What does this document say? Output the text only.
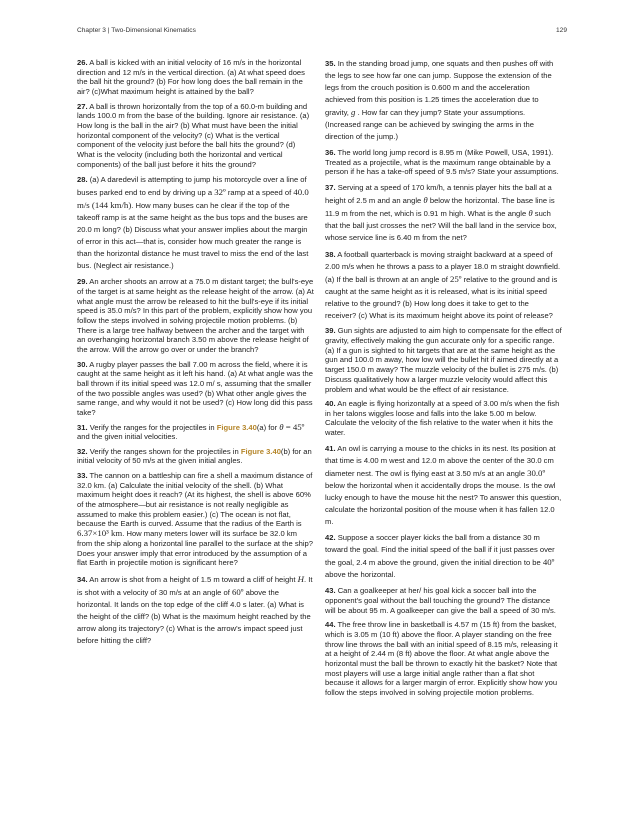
Chapter 3 | Two-Dimensional Kinematics	129

26. A ball is kicked with an initial velocity of 16 m/s in the horizontal direction and 12 m/s in the vertical direction. (a) At what speed does the ball hit the ground? (b) For how long does the ball remain in the air? (c)What maximum height is attained by the ball?

27. A ball is thrown horizontally from the top of a 60.0-m building and lands 100.0 m from the base of the building. Ignore air resistance. (a) How long is the ball in the air? (b) What must have been the initial horizontal component of the velocity? (c) What is the vertical component of the velocity just before the ball hits the ground? (d) What is the velocity (including both the horizontal and vertical components) of the ball just before it hits the ground?

28. (a) A daredevil is attempting to jump his motorcycle over a line of buses parked end to end by driving up a 32º ramp at a speed of 40.0 m/s (144 km/h). How many buses can he clear if the top of the takeoff ramp is at the same height as the bus tops and the buses are 20.0 m long? (b) Discuss what your answer implies about the margin of error in this act—that is, consider how much greater the range is than the horizontal distance he must travel to miss the end of the last bus. (Neglect air resistance.)

29. An archer shoots an arrow at a 75.0 m distant target; the bull's-eye of the target is at same height as the release height of the arrow. (a) At what angle must the arrow be released to hit the bull's-eye if its initial speed is 35.0 m/s? In this part of the problem, explicitly show how you follow the steps involved in solving projectile motion problems. (b) There is a large tree halfway between the archer and the target with an overhanging horizontal branch 3.50 m above the release height of the arrow. Will the arrow go over or under the branch?

30. A rugby player passes the ball 7.00 m across the field, where it is caught at the same height as it left his hand. (a) At what angle was the ball thrown if its initial speed was 12.0 m/ s, assuming that the smaller of the two possible angles was used? (b) What other angle gives the same range, and why would it not be used? (c) How long did this pass take?

31. Verify the ranges for the projectiles in Figure 3.40(a) for θ = 45º and the given initial velocities.

32. Verify the ranges shown for the projectiles in Figure 3.40(b) for an initial velocity of 50 m/s at the given initial angles.

33. The cannon on a battleship can fire a shell a maximum distance of 32.0 km. (a) Calculate the initial velocity of the shell. (b) What maximum height does it reach? (At its highest, the shell is above 60% of the atmosphere—but air resistance is not really negligible as assumed to make this problem easier.) (c) The ocean is not flat, because the Earth is curved. Assume that the radius of the Earth is 6.37×10³ km. How many meters lower will its surface be 32.0 km from the ship along a horizontal line parallel to the surface at the ship? Does your answer imply that error introduced by the assumption of a flat Earth in projectile motion is significant here?

34. An arrow is shot from a height of 1.5 m toward a cliff of height H. It is shot with a velocity of 30 m/s at an angle of 60º above the horizontal. It lands on the top edge of the cliff 4.0 s later. (a) What is the height of the cliff? (b) What is the maximum height reached by the arrow along its trajectory? (c) What is the arrow's impact speed just before hitting the cliff?

35. In the standing broad jump, one squats and then pushes off with the legs to see how far one can jump. Suppose the extension of the legs from the crouch position is 0.600 m and the acceleration achieved from this position is 1.25 times the acceleration due to gravity, g . How far can they jump? State your assumptions. (Increased range can be achieved by swinging the arms in the direction of the jump.)

36. The world long jump record is 8.95 m (Mike Powell, USA, 1991). Treated as a projectile, what is the maximum range obtainable by a person if he has a take-off speed of 9.5 m/s? State your assumptions.

37. Serving at a speed of 170 km/h, a tennis player hits the ball at a height of 2.5 m and an angle θ below the horizontal. The base line is 11.9 m from the net, which is 0.91 m high. What is the angle θ such that the ball just crosses the net? Will the ball land in the service box, whose service line is 6.40 m from the net?

38. A football quarterback is moving straight backward at a speed of 2.00 m/s when he throws a pass to a player 18.0 m straight downfield. (a) If the ball is thrown at an angle of 25º relative to the ground and is caught at the same height as it is released, what is its initial speed relative to the ground? (b) How long does it take to get to the receiver? (c) What is its maximum height above its point of release?

39. Gun sights are adjusted to aim high to compensate for the effect of gravity, effectively making the gun accurate only for a specific range. (a) If a gun is sighted to hit targets that are at the same height as the gun and 100.0 m away, how low will the bullet hit if aimed directly at a target 150.0 m away? The muzzle velocity of the bullet is 275 m/s. (b) Discuss qualitatively how a larger muzzle velocity would affect this problem and what would be the effect of air resistance.

40. An eagle is flying horizontally at a speed of 3.00 m/s when the fish in her talons wiggles loose and falls into the lake 5.00 m below. Calculate the velocity of the fish relative to the water when it hits the water.

41. An owl is carrying a mouse to the chicks in its nest. Its position at that time is 4.00 m west and 12.0 m above the center of the 30.0 cm diameter nest. The owl is flying east at 3.50 m/s at an angle 30.0º below the horizontal when it accidentally drops the mouse. Is the owl lucky enough to have the mouse hit the nest? To answer this question, calculate the horizontal position of the mouse when it has fallen 12.0 m.

42. Suppose a soccer player kicks the ball from a distance 30 m toward the goal. Find the initial speed of the ball if it just passes over the goal, 2.4 m above the ground, given the initial direction to be 40º above the horizontal.

43. Can a goalkeeper at her/ his goal kick a soccer ball into the opponent's goal without the ball touching the ground? The distance will be about 95 m. A goalkeeper can give the ball a speed of 30 m/s.

44. The free throw line in basketball is 4.57 m (15 ft) from the basket, which is 3.05 m (10 ft) above the floor. A player standing on the free throw line throws the ball with an initial speed of 8.15 m/s, releasing it at a height of 2.44 m (8 ft) above the floor. At what angle above the horizontal must the ball be thrown to exactly hit the basket? Note that most players will use a large initial angle rather than a flat shot because it allows for a larger margin of error. Explicitly show how you follow the steps involved in solving projectile motion problems.
